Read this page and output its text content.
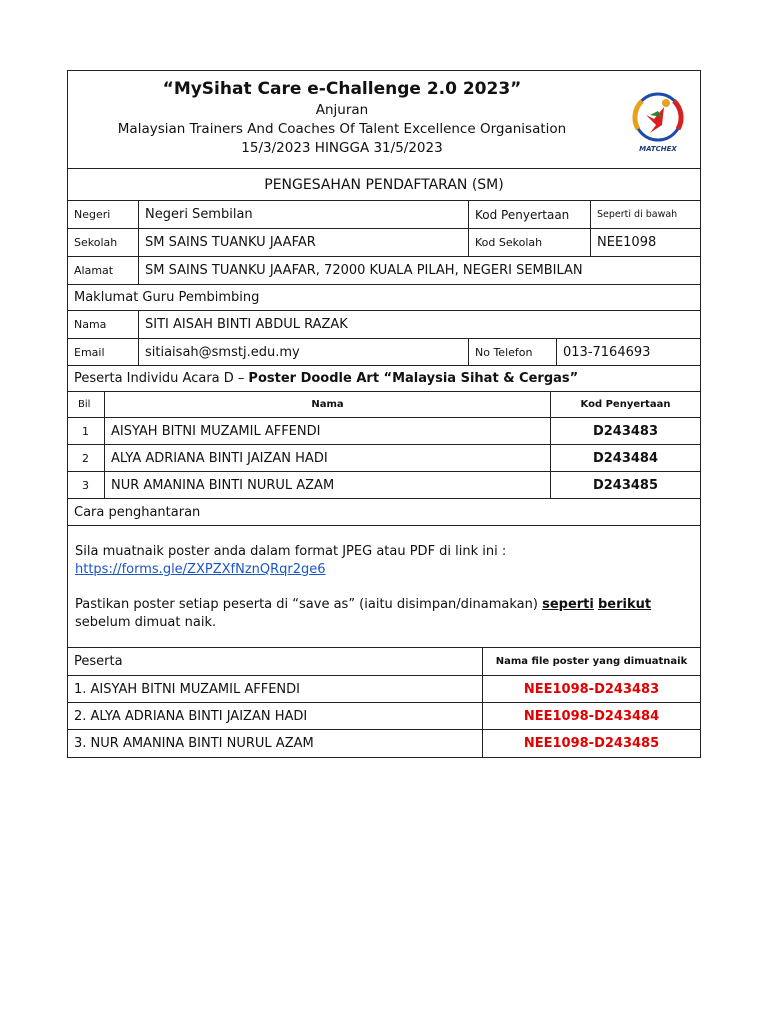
“MySihat Care e-Challenge 2.0 2023”
Anjuran
Malaysian Trainers And Coaches Of Talent Excellence Organisation
15/3/2023 HINGGA 31/5/2023	MATCHEX
PENGESAHAN PENDAFTARAN (SM)
Negeri	Negeri Sembilan	Kod Penyertaan	Seperti di bawah
Sekolah	SM SAINS TUANKU JAAFAR	Kod Sekolah	NEE1098
Alamat	SM SAINS TUANKU JAAFAR, 72000 KUALA PILAH, NEGERI SEMBILAN
Maklumat Guru Pembimbing
Nama	SITI AISAH BINTI ABDUL RAZAK
Email	sitiaisah@smstj.edu.my	No Telefon	013-7164693
Peserta Individu Acara D – Poster Doodle Art “Malaysia Sihat & Cergas”
Bil	Nama	Kod Penyertaan
1	AISYAH BITNI MUZAMIL AFFENDI	D243483
2	ALYA ADRIANA BINTI JAIZAN HADI	D243484
3	NUR AMANINA BINTI NURUL AZAM	D243485
Cara penghantaran
Sila muatnaik poster anda dalam format JPEG atau PDF di link ini :
https://forms.gle/ZXPZXfNznQRqr2ge6
Pastikan poster setiap peserta di “save as” (iaitu disimpan/dinamakan) seperti berikut sebelum dimuat naik.
Peserta	Nama file poster yang dimuatnaik
1. AISYAH BITNI MUZAMIL AFFENDI	NEE1098-D243483
2. ALYA ADRIANA BINTI JAIZAN HADI	NEE1098-D243484
3. NUR AMANINA BINTI NURUL AZAM	NEE1098-D243485
